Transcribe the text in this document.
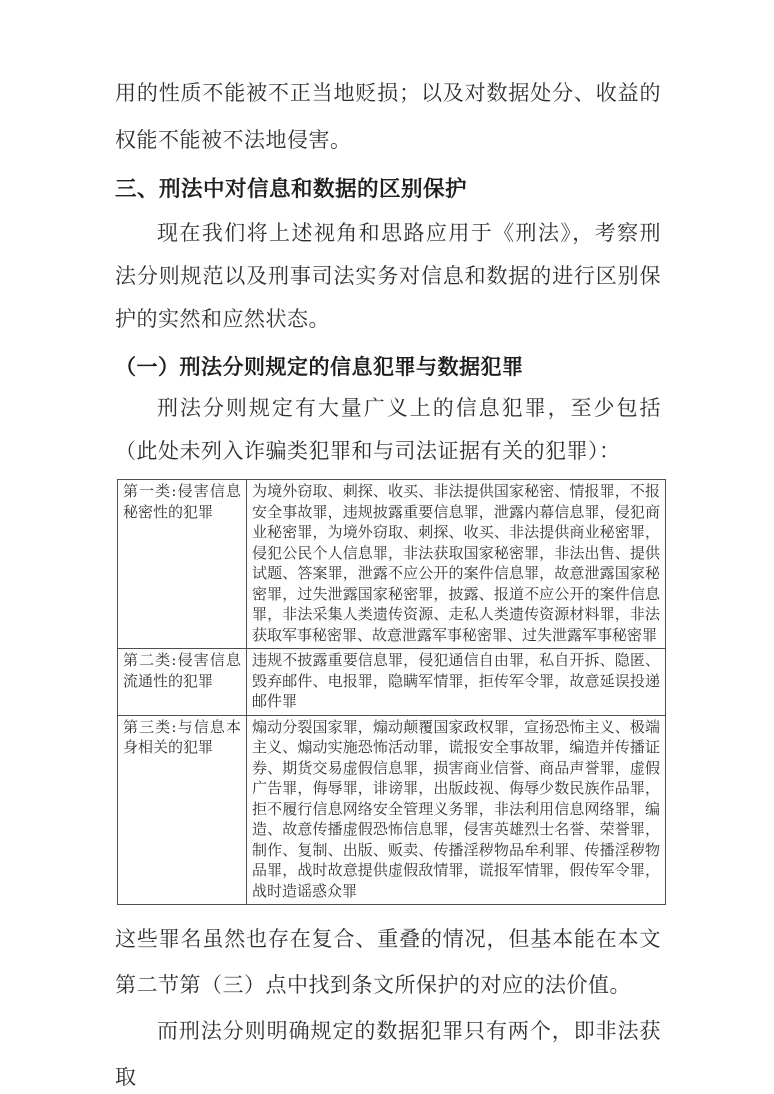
用的性质不能被不正当地贬损；以及对数据处分、收益的权能不能被不法地侵害。

三、刑法中对信息和数据的区别保护

现在我们将上述视角和思路应用于《刑法》，考察刑法分则规范以及刑事司法实务对信息和数据的进行区别保护的实然和应然状态。

（一）刑法分则规定的信息犯罪与数据犯罪

刑法分则规定有大量广义上的信息犯罪，至少包括（此处未列入诈骗类犯罪和与司法证据有关的犯罪）：

第一类:侵害信息秘密性的犯罪	为境外窃取、刺探、收买、非法提供国家秘密、情报罪，不报安全事故罪，违规披露重要信息罪，泄露内幕信息罪，侵犯商业秘密罪，为境外窃取、刺探、收买、非法提供商业秘密罪，侵犯公民个人信息罪，非法获取国家秘密罪，非法出售、提供试题、答案罪，泄露不应公开的案件信息罪，故意泄露国家秘密罪，过失泄露国家秘密罪，披露、报道不应公开的案件信息罪，非法采集人类遗传资源、走私人类遗传资源材料罪，非法获取军事秘密罪、故意泄露军事秘密罪、过失泄露军事秘密罪
第二类:侵害信息流通性的犯罪	违规不披露重要信息罪，侵犯通信自由罪，私自开拆、隐匿、毁弃邮件、电报罪，隐瞒军情罪，拒传军令罪，故意延误投递邮件罪
第三类:与信息本身相关的犯罪	煽动分裂国家罪，煽动颠覆国家政权罪，宣扬恐怖主义、极端主义、煽动实施恐怖活动罪，谎报安全事故罪，编造并传播证券、期货交易虚假信息罪，损害商业信誉、商品声誉罪，虚假广告罪，侮辱罪，诽谤罪，出版歧视、侮辱少数民族作品罪，拒不履行信息网络安全管理义务罪，非法利用信息网络罪，编造、故意传播虚假恐怖信息罪，侵害英雄烈士名誉、荣誉罪，制作、复制、出版、贩卖、传播淫秽物品牟利罪、传播淫秽物品罪，战时故意提供虚假敌情罪，谎报军情罪，假传军令罪，战时造谣惑众罪

这些罪名虽然也存在复合、重叠的情况，但基本能在本文第二节第（三）点中找到条文所保护的对应的法价值。

而刑法分则明确规定的数据犯罪只有两个，即非法获取
